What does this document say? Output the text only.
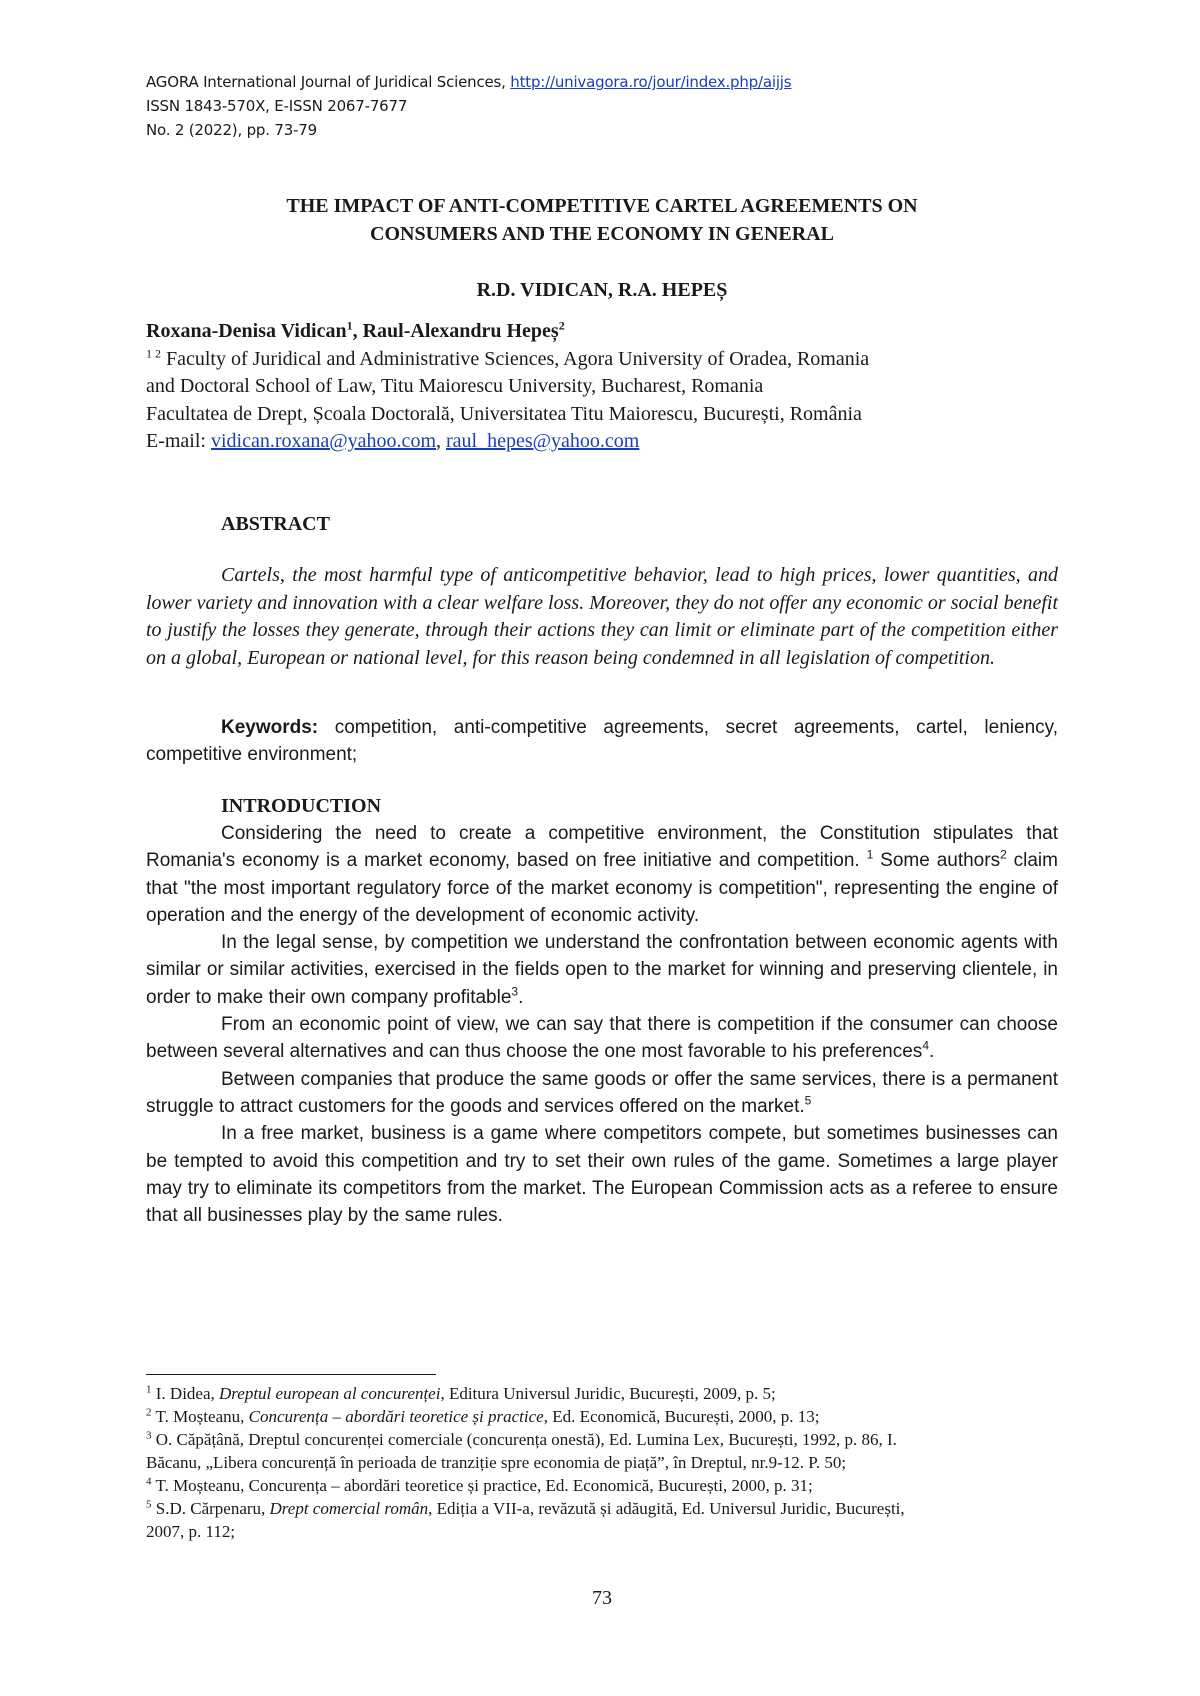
AGORA International Journal of Juridical Sciences, http://univagora.ro/jour/index.php/aijjs
ISSN 1843-570X, E-ISSN 2067-7677
No. 2 (2022), pp. 73-79
THE IMPACT OF ANTI-COMPETITIVE CARTEL AGREEMENTS ON
CONSUMERS AND THE ECONOMY IN GENERAL
R.D. VIDICAN, R.A. HEPEȘ
Roxana-Denisa Vidican$^1$, Raul-Alexandru Hepeș$^2$
$^{1 2}$ Faculty of Juridical and Administrative Sciences, Agora University of Oradea, Romania
and Doctoral School of Law, Titu Maiorescu University, Bucharest, Romania
Facultatea de Drept, Școala Doctorală, Universitatea Titu Maiorescu, București, România
E-mail: vidican.roxana@yahoo.com, raul_hepes@yahoo.com
ABSTRACT
Cartels, the most harmful type of anticompetitive behavior, lead to high prices, lower quantities, and lower variety and innovation with a clear welfare loss. Moreover, they do not offer any economic or social benefit to justify the losses they generate, through their actions they can limit or eliminate part of the competition either on a global, European or national level, for this reason being condemned in all legislation of competition.
Keywords: competition, anti-competitive agreements, secret agreements, cartel, leniency, competitive environment;
INTRODUCTION

Considering the need to create a competitive environment, the Constitution stipulates that Romania's economy is a market economy, based on free initiative and competition. $^1$ Some authors$^2$ claim that "the most important regulatory force of the market economy is competition", representing the engine of operation and the energy of the development of economic activity.

In the legal sense, by competition we understand the confrontation between economic agents with similar or similar activities, exercised in the fields open to the market for winning and preserving clientele, in order to make their own company profitable$^3$.

From an economic point of view, we can say that there is competition if the consumer can choose between several alternatives and can thus choose the one most favorable to his preferences$^4$.

Between companies that produce the same goods or offer the same services, there is a permanent struggle to attract customers for the goods and services offered on the market.$^5$

In a free market, business is a game where competitors compete, but sometimes businesses can be tempted to avoid this competition and try to set their own rules of the game. Sometimes a large player may try to eliminate its competitors from the market. The European Commission acts as a referee to ensure that all businesses play by the same rules.

$^1$ I. Didea, Dreptul european al concurenței, Editura Universul Juridic, București, 2009, p. 5;
$^2$ T. Moșteanu, Concurența – abordări teoretice și practice, Ed. Economică, București, 2000, p. 13;
$^3$ O. Căpățână, Dreptul concurenței comerciale (concurența onestă), Ed. Lumina Lex, București, 1992, p. 86, I.
Băcanu, „Libera concurență în perioada de tranziție spre economia de piață”, în Dreptul, nr.9-12. P. 50;
$^4$ T. Moșteanu, Concurența – abordări teoretice și practice, Ed. Economică, București, 2000, p. 31;
$^5$ S.D. Cărpenaru, Drept comercial român, Ediția a VII-a, revăzută și adăugită, Ed. Universul Juridic, București,
2007, p. 112;
73
